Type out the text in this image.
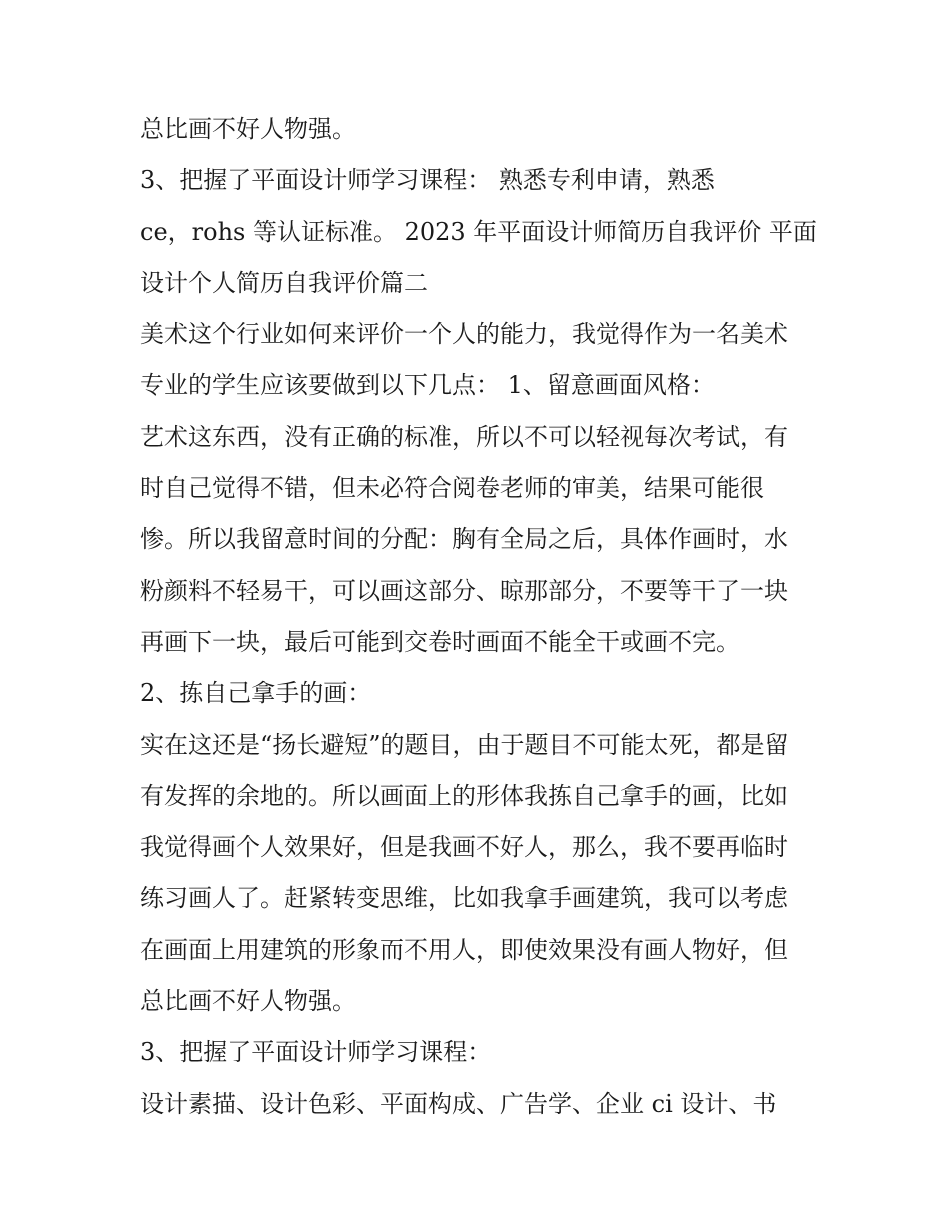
总比画不好人物强。
3、把握了平面设计师学习课程： 熟悉专利申请，熟悉
ce，rohs 等认证标准。 2023 年平面设计师简历自我评价 平面
设计个人简历自我评价篇二
美术这个行业如何来评价一个人的能力，我觉得作为一名美术
专业的学生应该要做到以下几点： 1、留意画面风格：
艺术这东西，没有正确的标准，所以不可以轻视每次考试，有
时自己觉得不错，但未必符合阅卷老师的审美，结果可能很
惨。所以我留意时间的分配：胸有全局之后，具体作画时，水
粉颜料不轻易干，可以画这部分、晾那部分，不要等干了一块
再画下一块，最后可能到交卷时画面不能全干或画不完。
2、拣自己拿手的画：
实在这还是“扬长避短”的题目，由于题目不可能太死，都是留
有发挥的余地的。所以画面上的形体我拣自己拿手的画，比如
我觉得画个人效果好，但是我画不好人，那么，我不要再临时
练习画人了。赶紧转变思维，比如我拿手画建筑，我可以考虑
在画面上用建筑的形象而不用人，即使效果没有画人物好，但
总比画不好人物强。
3、把握了平面设计师学习课程：
设计素描、设计色彩、平面构成、广告学、企业 ci 设计、书
